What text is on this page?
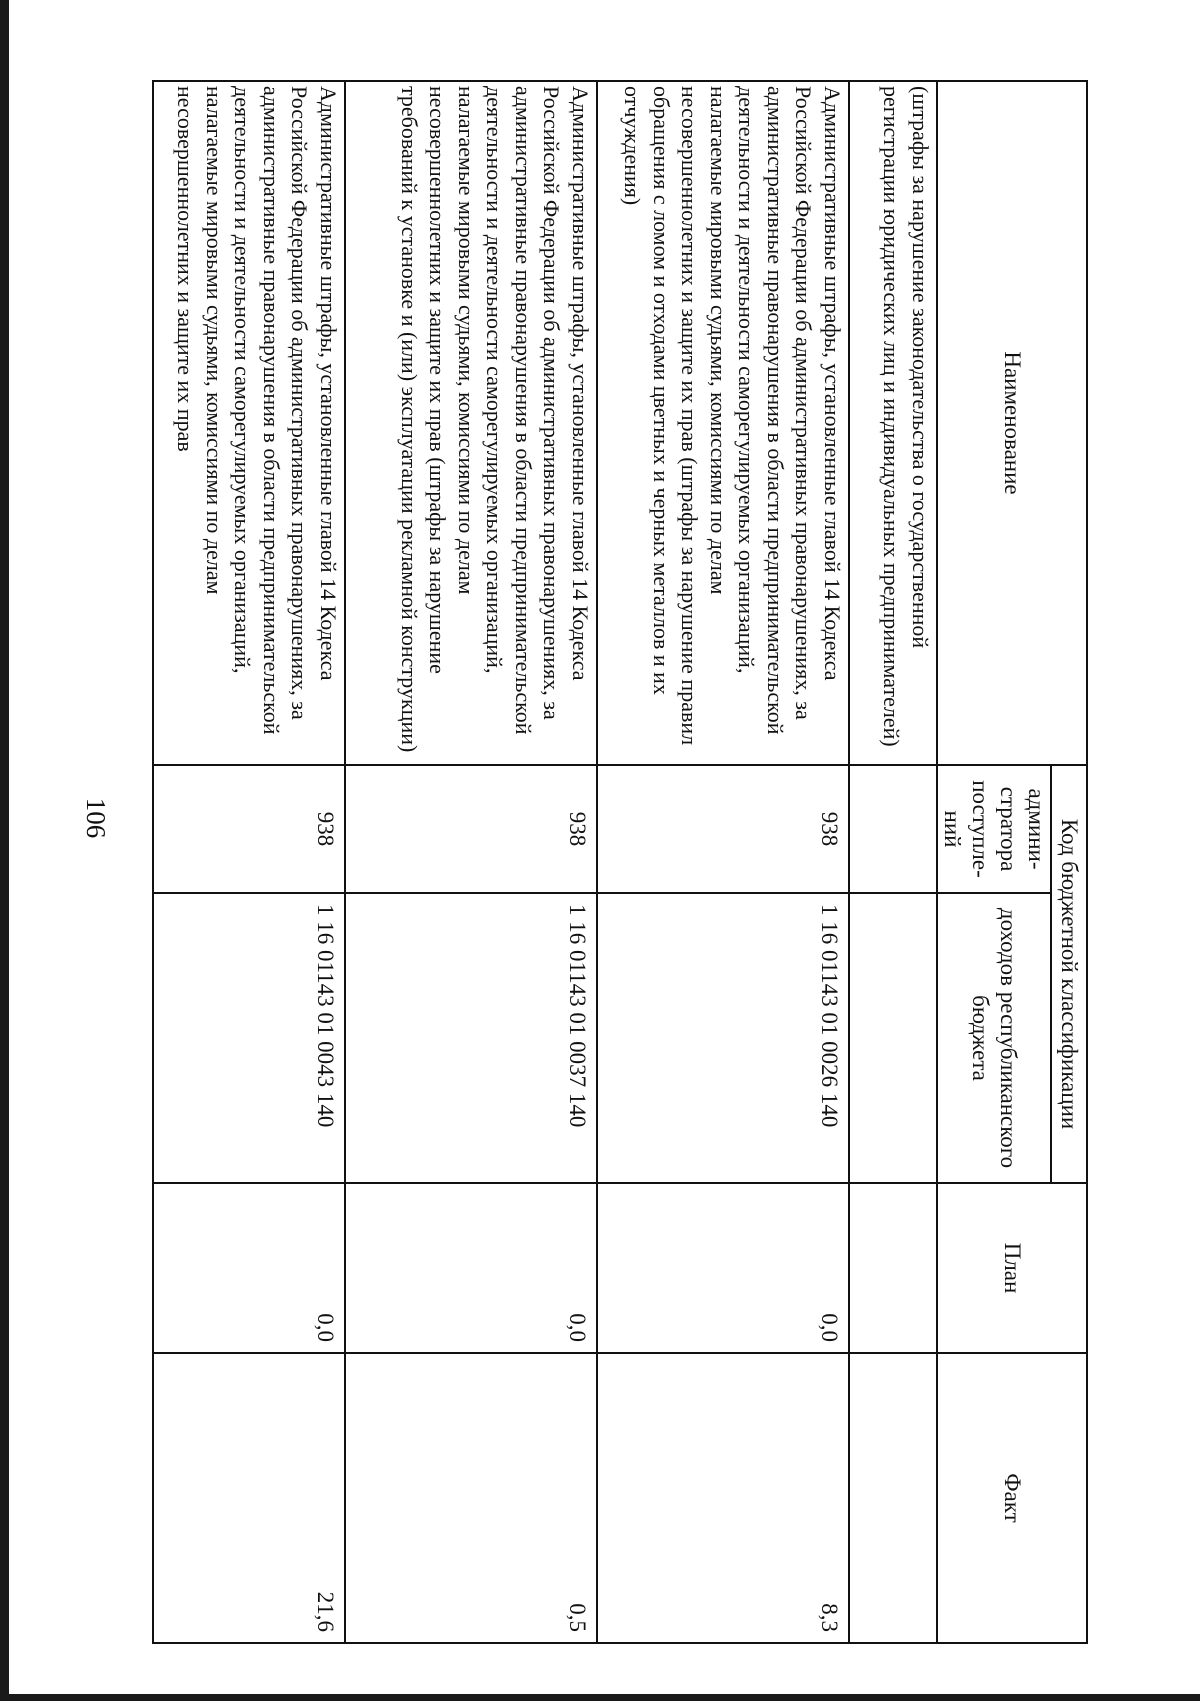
106
Наименование	Код бюджетной классификации		План	Факт
	админи- стратора поступле- ний	доходов республиканского бюджета		
(штрафы за нарушение законодательства о государственной регистрации юридических лиц и индивидуальных предпринимателей)				
Административные штрафы, установленные главой 14 Кодекса Российской Федерации об административных правонарушениях, за административные правонарушения в области предпринимательской деятельности и деятельности саморегулируемых организаций, налагаемые мировыми судьями, комиссиями по делам несовершеннолетних и защите их прав (штрафы за нарушение правил обращения с ломом и отходами цветных и черных металлов и их отчуждения)	938	1 16 01143 01 0026 140	0,0	8,3
Административные штрафы, установленные главой 14 Кодекса Российской Федерации об административных правонарушениях, за административные правонарушения в области предпринимательской деятельности и деятельности саморегулируемых организаций, налагаемые мировыми судьями, комиссиями по делам несовершеннолетних и защите их прав (штрафы за нарушение требований к установке и (или) эксплуатации рекламной конструкции)	938	1 16 01143 01 0037 140	0,0	0,5
Административные штрафы, установленные главой 14 Кодекса Российской Федерации об административных правонарушениях, за административные правонарушения в области предпринимательской деятельности и деятельности саморегулируемых организаций, налагаемые мировыми судьями, комиссиями по делам несовершеннолетних и защите их прав	938	1 16 01143 01 0043 140	0,0	21,6
